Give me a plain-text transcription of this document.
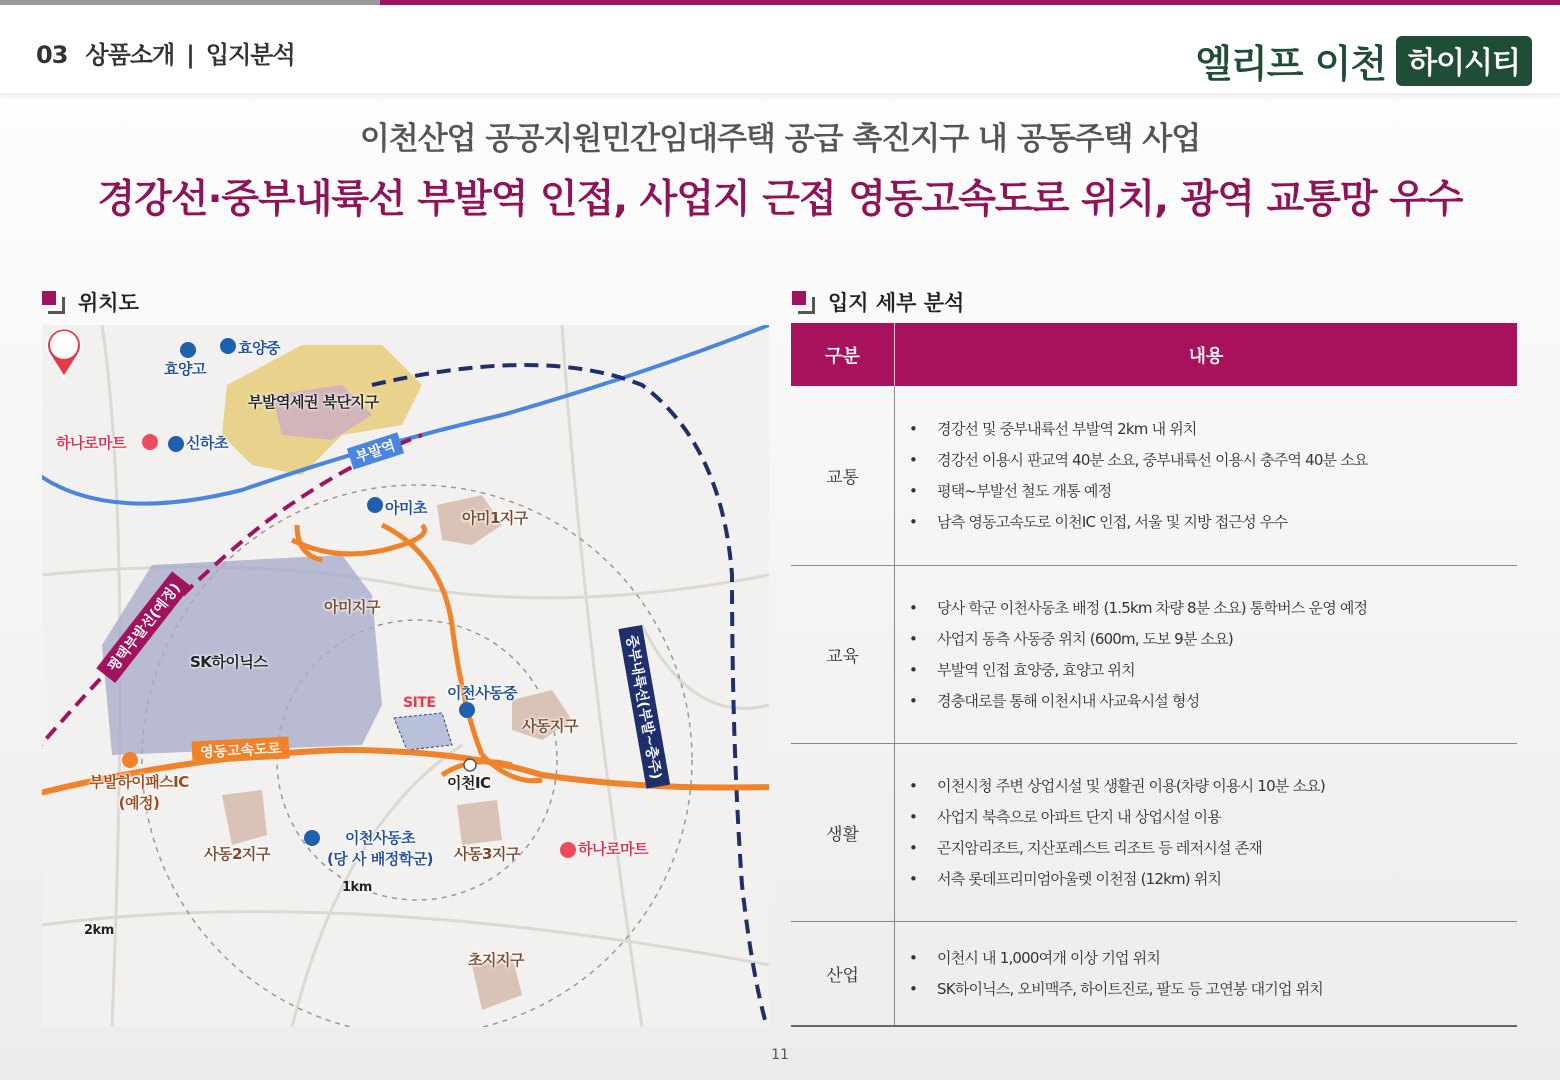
03 상품소개 | 입지분석	엘리프 이천 하이시티
이천산업 공공지원민간임대주택 공급 촉진지구 내 공동주택 사업
경강선·중부내륙선 부발역 인접, 사업지 근접 영동고속도로 위치, 광역 교통망 우수
위치도	입지 세부 분석
부발역
평택부발선(예정)
중부내륙선(부발~충주)
영동고속도로
효양중
효양고
부발역세권 북단지구
하나로마트	신하초
아미초
아미1지구
아미지구
SK하이닉스
SITE
이천사동중
사동지구
부발하이패스IC
(예정)
이천IC
이천사동초
(당 사 배정학군)
사동2지구	사동3지구	하나로마트
1km
2km
초지지구
구분	내용
교통
• 경강선 및 중부내륙선 부발역 2km 내 위치
• 경강선 이용시 판교역 40분 소요, 중부내륙선 이용시 충주역 40분 소요
• 평택~부발선 철도 개통 예정
• 남측 영동고속도로 이천IC 인접, 서울 및 지방 접근성 우수
교육
• 당사 학군 이천사동초 배정 (1.5km 차량 8분 소요) 통학버스 운영 예정
• 사업지 동측 사동중 위치 (600m, 도보 9분 소요)
• 부발역 인접 효양중, 효양고 위치
• 경충대로를 통해 이천시내 사교육시설 형성
생활
• 이천시청 주변 상업시설 및 생활권 이용(차량 이용시 10분 소요)
• 사업지 북측으로 아파트 단지 내 상업시설 이용
• 곤지암리조트, 지산포레스트 리조트 등 레저시설 존재
• 서측 롯데프리미엄아울렛 이천점 (12km) 위치
산업
• 이천시 내 1,000여개 이상 기업 위치
• SK하이닉스, 오비맥주, 하이트진로, 팔도 등 고연봉 대기업 위치
11
